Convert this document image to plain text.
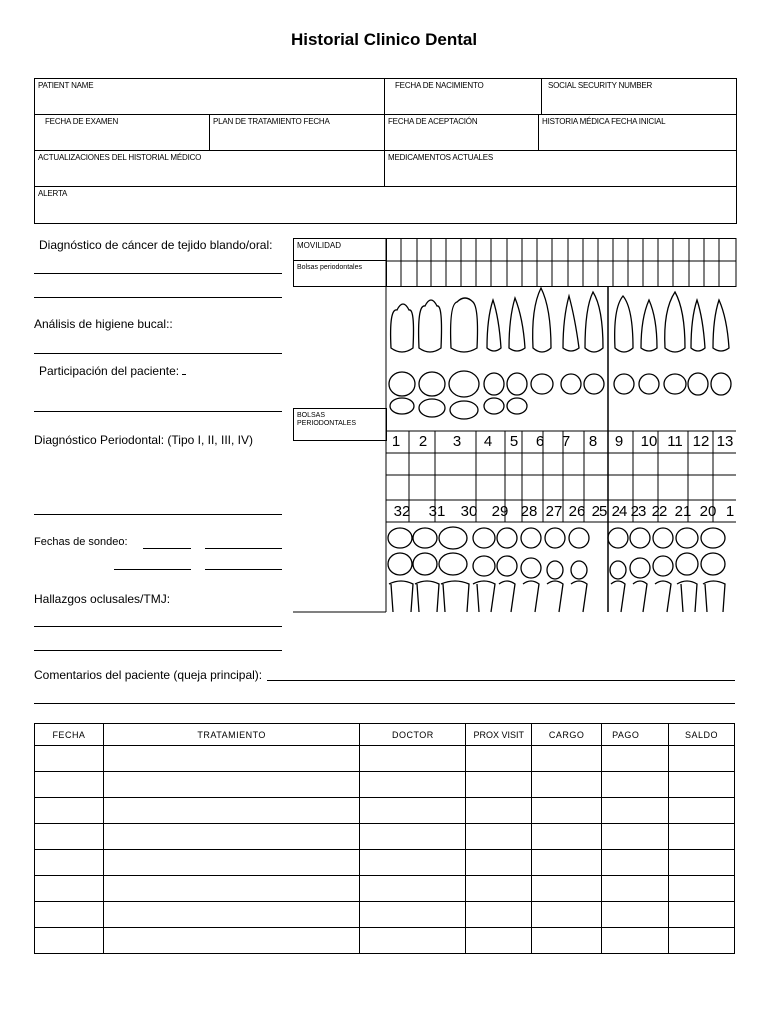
Historial Clinico Dental
PATIENT NAME	FECHA DE NACIMIENTO	SOCIAL SECURITY NUMBER
FECHA DE EXAMEN	PLAN DE TRATAMIENTO FECHA	FECHA DE ACEPTACIÓN	HISTORIA MÉDICA FECHA INICIAL
ACTUALIZACIONES DEL HISTORIAL MÉDICO	MEDICAMENTOS ACTUALES
ALERTA
Diagnóstico de cáncer de tejido blando/oral:
Análisis de higiene bucal::
Participación del paciente:
Diagnóstico Periodontal: (Tipo I, II, III, IV)
Fechas de sondeo:
Hallazgos oclusales/TMJ:
Comentarios del paciente (queja principal):
MOVILIDAD
Bolsas periodontales
BOLSAS PERIODONTALES
1	2	3	4	5	6	7	8	9	10 11 12 13
32	31	30 29 28 27 26 25 24 23 22 21 20 1
FECHA	TRATAMIENTO	DOCTOR	PROX VISIT	CARGO	PAGO	SALDO
